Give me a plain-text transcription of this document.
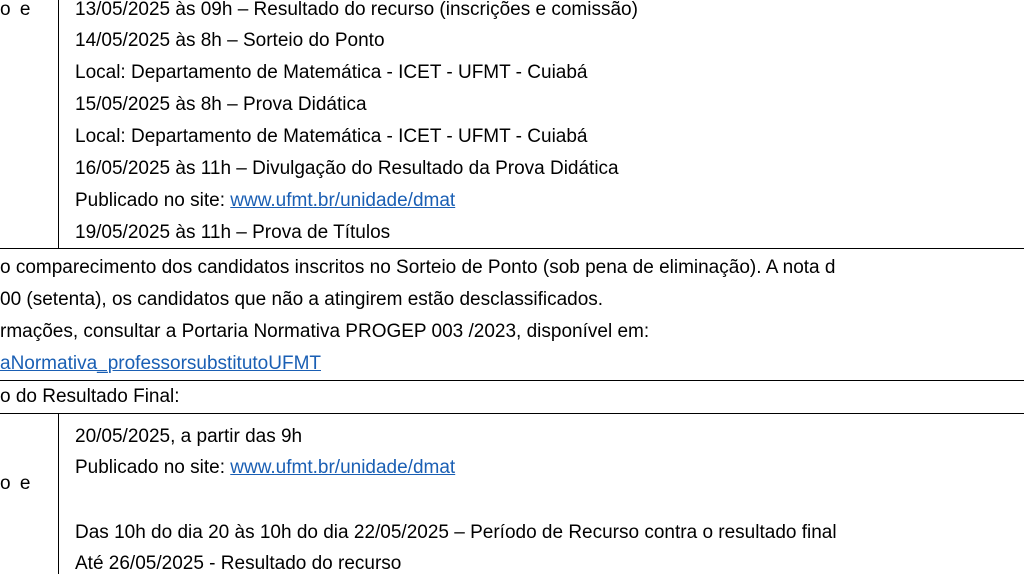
o e 13/05/2025 às 09h – Resultado do recurso (inscrições e comissão)
14/05/2025 às 8h – Sorteio do Ponto
Local: Departamento de Matemática - ICET - UFMT - Cuiabá
15/05/2025 às 8h – Prova Didática
Local: Departamento de Matemática - ICET - UFMT - Cuiabá
16/05/2025 às 11h – Divulgação do Resultado da Prova Didática
Publicado no site: www.ufmt.br/unidade/dmat
19/05/2025 às 11h – Prova de Títulos
o comparecimento dos candidatos inscritos no Sorteio de Ponto (sob pena de eliminação). A nota d
00 (setenta), os candidatos que não a atingirem estão desclassificados.
rmações, consultar a Portaria Normativa PROGEP 003 /2023, disponível em:
aNormativa_professorsubstitutoUFMT
o do Resultado Final:
o e
20/05/2025, a partir das 9h
Publicado no site: www.ufmt.br/unidade/dmat
Das 10h do dia 20 às 10h do dia 22/05/2025 – Período de Recurso contra o resultado final
Até 26/05/2025 - Resultado do recurso
